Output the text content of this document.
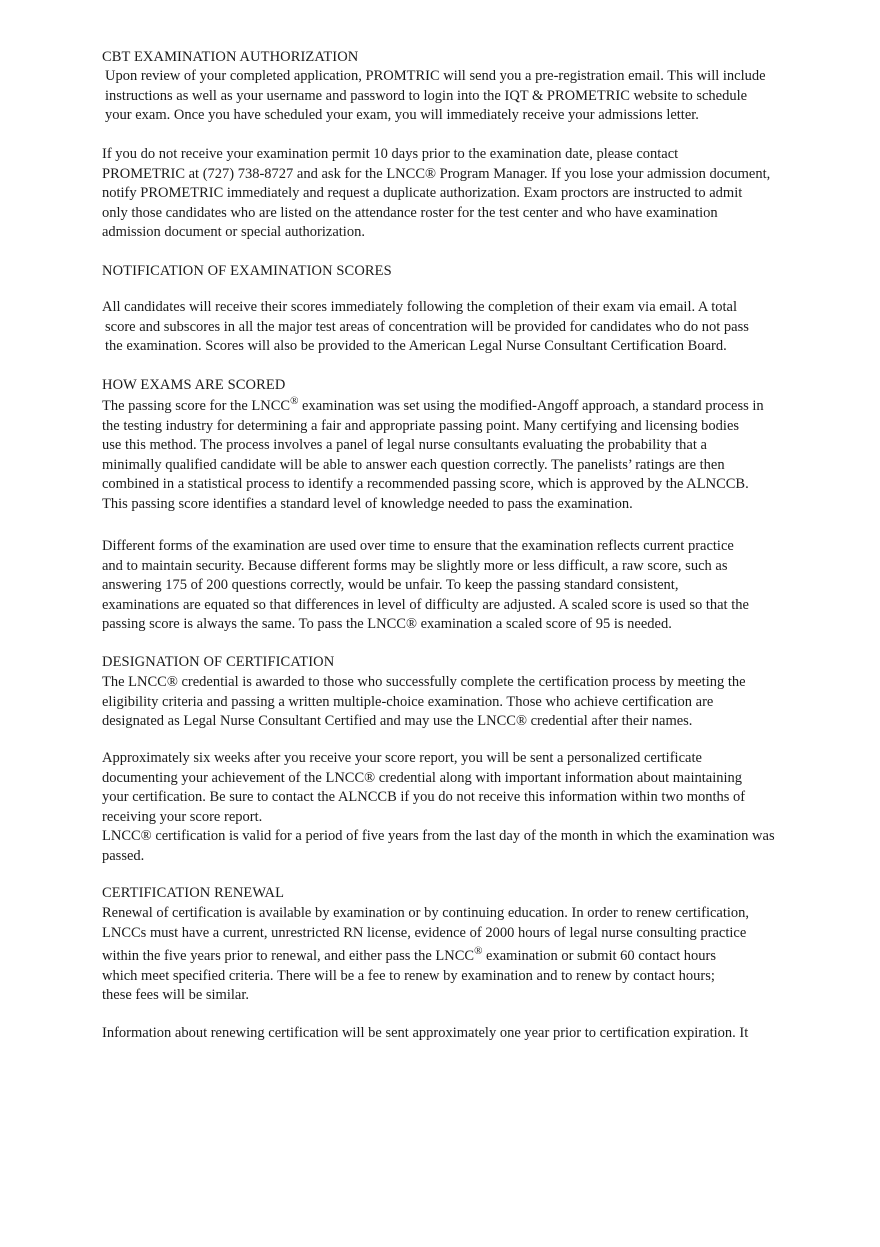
CBT EXAMINATION AUTHORIZATION

Upon review of your completed application, PROMTRIC will send you a pre-registration email. This will include
instructions as well as your username and password to login into the IQT & PROMETRIC website to schedule
your exam. Once you have scheduled your exam, you will immediately receive your admissions letter.

If you do not receive your examination permit 10 days prior to the examination date, please contact
PROMETRIC at (727) 738-8727 and ask for the LNCC® Program Manager. If you lose your admission document,
notify PROMETRIC immediately and request a duplicate authorization. Exam proctors are instructed to admit
only those candidates who are listed on the attendance roster for the test center and who have examination
admission document or special authorization.

NOTIFICATION OF EXAMINATION SCORES

All candidates will receive their scores immediately following the completion of their exam via email. A total
score and subscores in all the major test areas of concentration will be provided for candidates who do not pass
the examination. Scores will also be provided to the American Legal Nurse Consultant Certification Board.

HOW EXAMS ARE SCORED

The passing score for the LNCC® examination was set using the modified-Angoff approach, a standard process in
the testing industry for determining a fair and appropriate passing point. Many certifying and licensing bodies
use this method. The process involves a panel of legal nurse consultants evaluating the probability that a
minimally qualified candidate will be able to answer each question correctly. The panelists’ ratings are then
combined in a statistical process to identify a recommended passing score, which is approved by the ALNCCB.
This passing score identifies a standard level of knowledge needed to pass the examination.

Different forms of the examination are used over time to ensure that the examination reflects current practice
and to maintain security. Because different forms may be slightly more or less difficult, a raw score, such as
answering 175 of 200 questions correctly, would be unfair. To keep the passing standard consistent,
examinations are equated so that differences in level of difficulty are adjusted. A scaled score is used so that the
passing score is always the same. To pass the LNCC® examination a scaled score of 95 is needed.

DESIGNATION OF CERTIFICATION

The LNCC® credential is awarded to those who successfully complete the certification process by meeting the
eligibility criteria and passing a written multiple-choice examination. Those who achieve certification are
designated as Legal Nurse Consultant Certified and may use the LNCC® credential after their names.

Approximately six weeks after you receive your score report, you will be sent a personalized certificate
documenting your achievement of the LNCC® credential along with important information about maintaining
your certification. Be sure to contact the ALNCCB if you do not receive this information within two months of
receiving your score report.
LNCC® certification is valid for a period of five years from the last day of the month in which the examination was
passed.

CERTIFICATION RENEWAL

Renewal of certification is available by examination or by continuing education. In order to renew certification,
LNCCs must have a current, unrestricted RN license, evidence of 2000 hours of legal nurse consulting practice
within the five years prior to renewal, and either pass the LNCC® examination or submit 60 contact hours
which meet specified criteria. There will be a fee to renew by examination and to renew by contact hours;
these fees will be similar.

Information about renewing certification will be sent approximately one year prior to certification expiration. It
